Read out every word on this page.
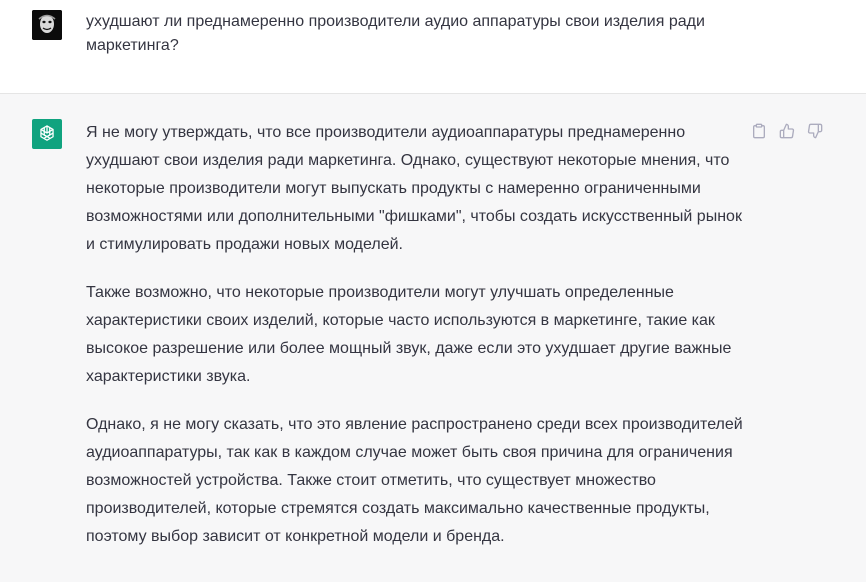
ухудшают ли преднамеренно производители аудио аппаратуры свои изделия ради маркетинга?

Я не могу утверждать, что все производители аудиоаппаратуры преднамеренно ухудшают свои изделия ради маркетинга. Однако, существуют некоторые мнения, что некоторые производители могут выпускать продукты с намеренно ограниченными возможностями или дополнительными "фишками", чтобы создать искусственный рынок и стимулировать продажи новых моделей.

Также возможно, что некоторые производители могут улучшать определенные характеристики своих изделий, которые часто используются в маркетинге, такие как высокое разрешение или более мощный звук, даже если это ухудшает другие важные характеристики звука.

Однако, я не могу сказать, что это явление распространено среди всех производителей аудиоаппаратуры, так как в каждом случае может быть своя причина для ограничения возможностей устройства. Также стоит отметить, что существует множество производителей, которые стремятся создать максимально качественные продукты, поэтому выбор зависит от конкретной модели и бренда.
